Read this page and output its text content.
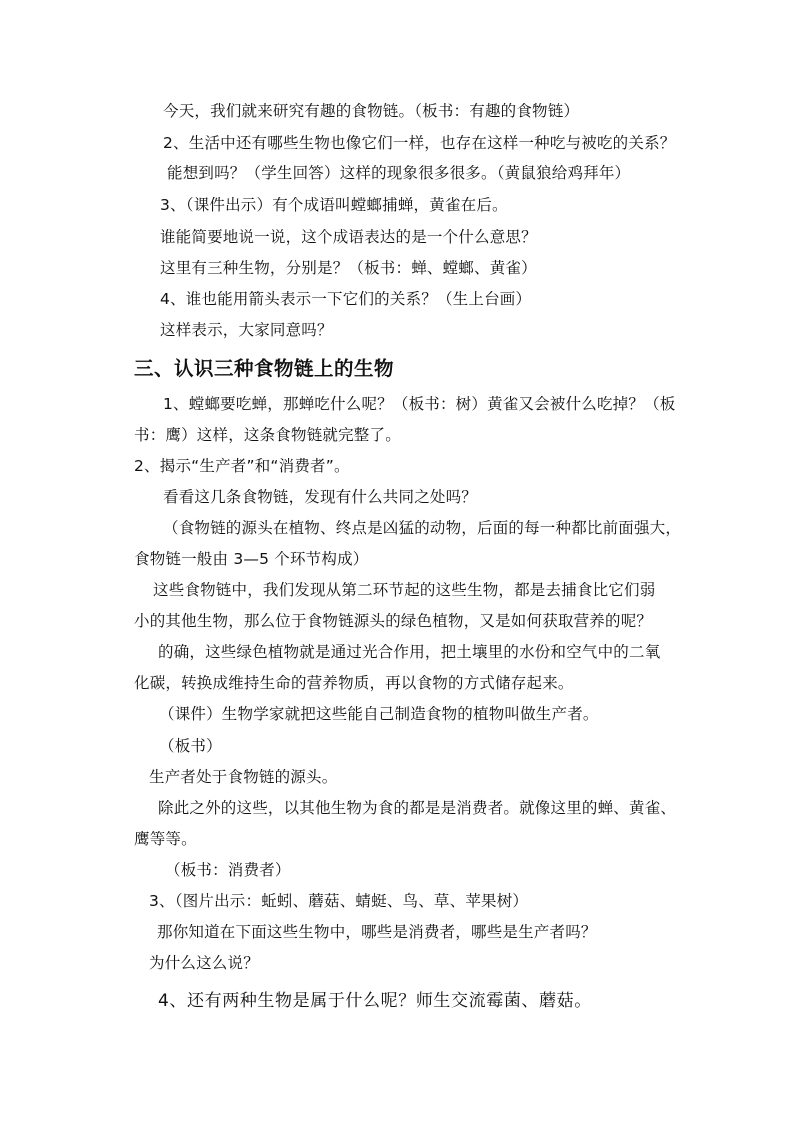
今天，我们就来研究有趣的食物链。（板书：有趣的食物链）
2、生活中还有哪些生物也像它们一样，也存在这样一种吃与被吃的关系？
能想到吗？（学生回答）这样的现象很多很多。（黄鼠狼给鸡拜年）
3、（课件出示）有个成语叫螳螂捕蝉，黄雀在后。
谁能简要地说一说，这个成语表达的是一个什么意思？
这里有三种生物，分别是？（板书：蝉、螳螂、黄雀）
4、谁也能用箭头表示一下它们的关系？（生上台画）
这样表示，大家同意吗？
三、认识三种食物链上的生物
1、螳螂要吃蝉，那蝉吃什么呢？（板书：树）黄雀又会被什么吃掉？（板
书：鹰）这样，这条食物链就完整了。
2、揭示“生产者”和“消费者”。
看看这几条食物链，发现有什么共同之处吗？
（食物链的源头在植物、终点是凶猛的动物，后面的每一种都比前面强大，
食物链一般由 3—5 个环节构成）
这些食物链中，我们发现从第二环节起的这些生物，都是去捕食比它们弱
小的其他生物，那么位于食物链源头的绿色植物，又是如何获取营养的呢？
的确，这些绿色植物就是通过光合作用，把土壤里的水份和空气中的二氧
化碳，转换成维持生命的营养物质，再以食物的方式储存起来。
（课件）生物学家就把这些能自己制造食物的植物叫做生产者。
（板书）
生产者处于食物链的源头。
除此之外的这些，以其他生物为食的都是是消费者。就像这里的蝉、黄雀、
鹰等等。
（板书：消费者）
3、（图片出示：蚯蚓、蘑菇、蜻蜓、鸟、草、苹果树）
那你知道在下面这些生物中，哪些是消费者，哪些是生产者吗？
为什么这么说？
4、还有两种生物是属于什么呢？师生交流霉菌、蘑菇。
